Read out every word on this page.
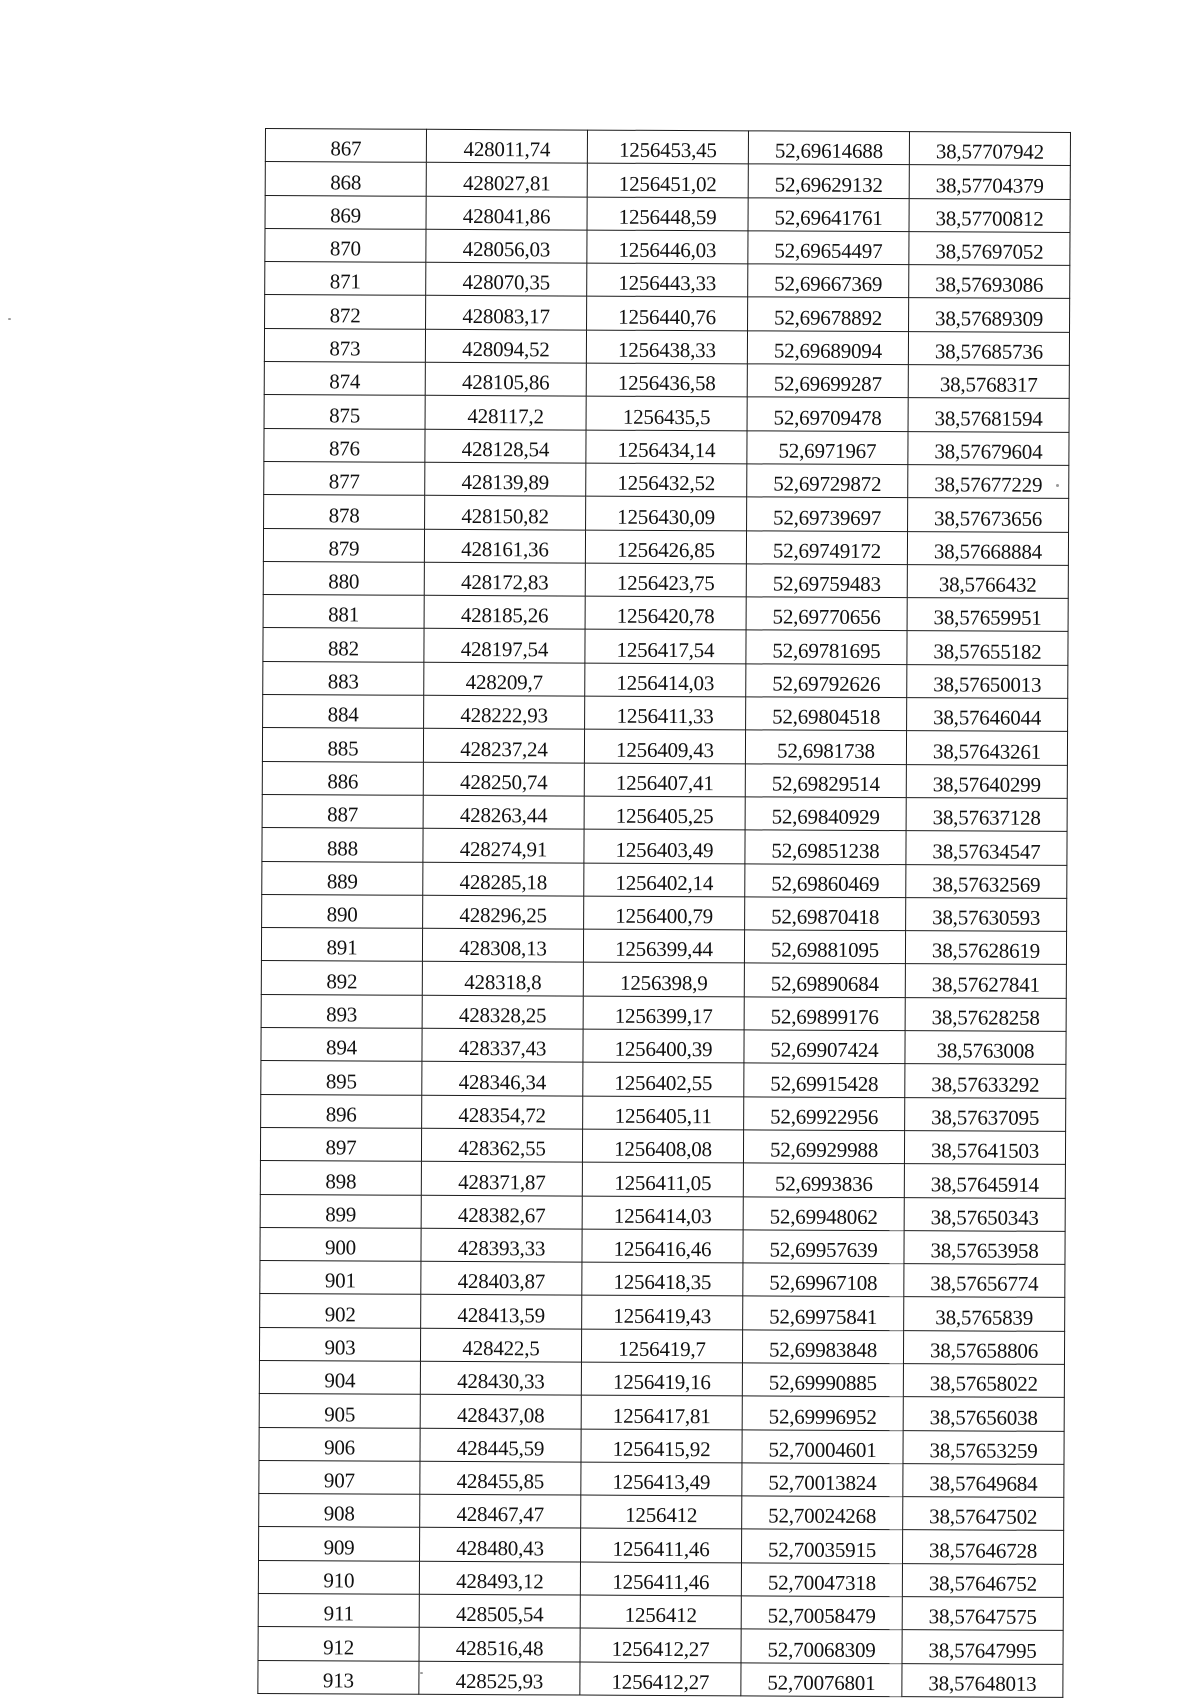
867	428011,74	1256453,45	52,69614688	38,57707942
868	428027,81	1256451,02	52,69629132	38,57704379
869	428041,86	1256448,59	52,69641761	38,57700812
870	428056,03	1256446,03	52,69654497	38,57697052
871	428070,35	1256443,33	52,69667369	38,57693086
872	428083,17	1256440,76	52,69678892	38,57689309
873	428094,52	1256438,33	52,69689094	38,57685736
874	428105,86	1256436,58	52,69699287	38,5768317
875	428117,2	1256435,5	52,69709478	38,57681594
876	428128,54	1256434,14	52,6971967	38,57679604
877	428139,89	1256432,52	52,69729872	38,57677229
878	428150,82	1256430,09	52,69739697	38,57673656
879	428161,36	1256426,85	52,69749172	38,57668884
880	428172,83	1256423,75	52,69759483	38,5766432
881	428185,26	1256420,78	52,69770656	38,57659951
882	428197,54	1256417,54	52,69781695	38,57655182
883	428209,7	1256414,03	52,69792626	38,57650013
884	428222,93	1256411,33	52,69804518	38,57646044
885	428237,24	1256409,43	52,6981738	38,57643261
886	428250,74	1256407,41	52,69829514	38,57640299
887	428263,44	1256405,25	52,69840929	38,57637128
888	428274,91	1256403,49	52,69851238	38,57634547
889	428285,18	1256402,14	52,69860469	38,57632569
890	428296,25	1256400,79	52,69870418	38,57630593
891	428308,13	1256399,44	52,69881095	38,57628619
892	428318,8	1256398,9	52,69890684	38,57627841
893	428328,25	1256399,17	52,69899176	38,57628258
894	428337,43	1256400,39	52,69907424	38,5763008
895	428346,34	1256402,55	52,69915428	38,57633292
896	428354,72	1256405,11	52,69922956	38,57637095
897	428362,55	1256408,08	52,69929988	38,57641503
898	428371,87	1256411,05	52,6993836	38,57645914
899	428382,67	1256414,03	52,69948062	38,57650343
900	428393,33	1256416,46	52,69957639	38,57653958
901	428403,87	1256418,35	52,69967108	38,57656774
902	428413,59	1256419,43	52,69975841	38,5765839
903	428422,5	1256419,7	52,69983848	38,57658806
904	428430,33	1256419,16	52,69990885	38,57658022
905	428437,08	1256417,81	52,69996952	38,57656038
906	428445,59	1256415,92	52,70004601	38,57653259
907	428455,85	1256413,49	52,70013824	38,57649684
908	428467,47	1256412	52,70024268	38,57647502
909	428480,43	1256411,46	52,70035915	38,57646728
910	428493,12	1256411,46	52,70047318	38,57646752
911	428505,54	1256412	52,70058479	38,57647575
912	428516,48	1256412,27	52,70068309	38,57647995
913	428525,93	1256412,27	52,70076801	38,57648013
